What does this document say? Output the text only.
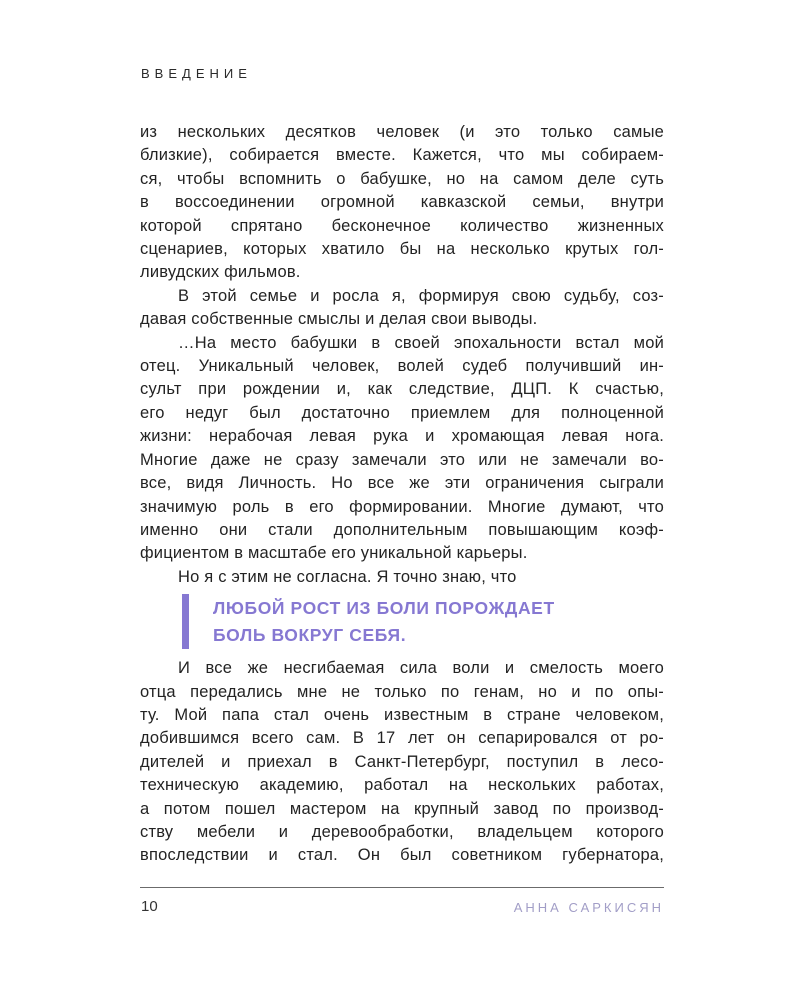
ВВЕДЕНИЕ
из нескольких десятков человек (и это только самые
близкие), собирается вместе. Кажется, что мы собираем-
ся, чтобы вспомнить о бабушке, но на самом деле суть
в воссоединении огромной кавказской семьи, внутри
которой спрятано бесконечное количество жизненных
сценариев, которых хватило бы на несколько крутых гол-
ливудских фильмов.
В этой семье и росла я, формируя свою судьбу, соз-
давая собственные смыслы и делая свои выводы.
…На место бабушки в своей эпохальности встал мой
отец. Уникальный человек, волей судеб получивший ин-
сульт при рождении и, как следствие, ДЦП. К счастью,
его недуг был достаточно приемлем для полноценной
жизни: нерабочая левая рука и хромающая левая нога.
Многие даже не сразу замечали это или не замечали во-
все, видя Личность. Но все же эти ограничения сыграли
значимую роль в его формировании. Многие думают, что
именно они стали дополнительным повышающим коэф-
фициентом в масштабе его уникальной карьеры.
Но я с этим не согласна. Я точно знаю, что
ЛЮБОЙ РОСТ ИЗ БОЛИ ПОРОЖДАЕТ
БОЛЬ ВОКРУГ СЕБЯ.
И все же несгибаемая сила воли и смелость моего
отца передались мне не только по генам, но и по опы-
ту. Мой папа стал очень известным в стране человеком,
добившимся всего сам. В 17 лет он сепарировался от ро-
дителей и приехал в Санкт-Петербург, поступил в лесо-
техническую академию, работал на нескольких работах,
а потом пошел мастером на крупный завод по производ-
ству мебели и деревообработки, владельцем которого
впоследствии и стал. Он был советником губернатора,
10	АННА САРКИСЯН
